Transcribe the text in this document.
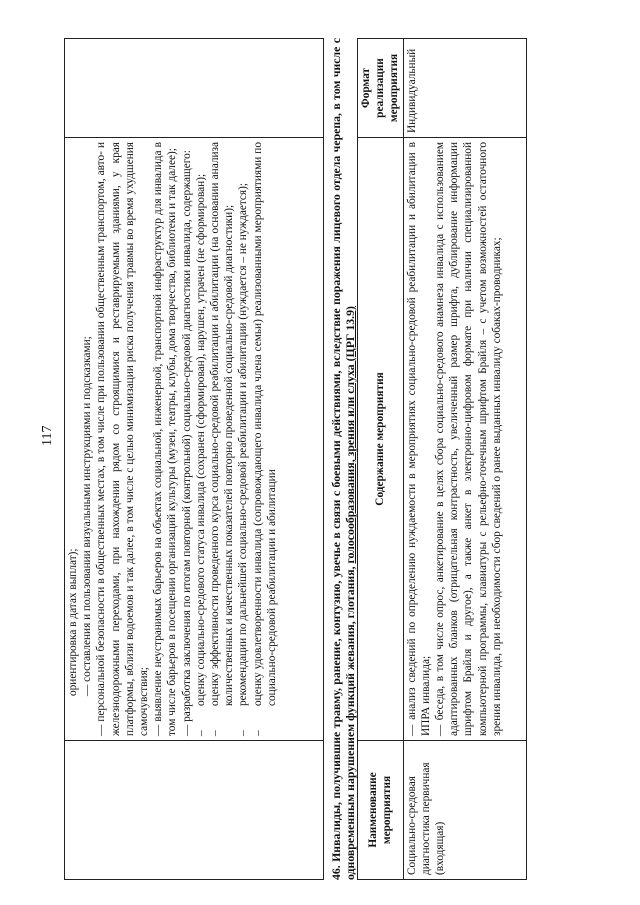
117

ориентировка в датах выплат); — составления и пользовании визуальными инструкциями и подсказками; — персональной безопасности в общественных местах, в том числе при пользовании общественным транспортом, авто- и железнодорожными переходами, при нахождении рядом со строящимися и реставрируемыми зданиями, у края платформы, вблизи водоемов и так далее, в том числе с целью минимизации риска получения травмы во время ухудшения самочувствия; — выявление неустранимых барьеров на объектах социальной, инженерной, транспортной инфраструктур для инвалида в том числе барьеров в посещении организаций культуры (музеи, театры, клубы, дома творчества, библиотеки и так далее); — разработка заключения по итогам повторной (контрольной) социально-средовой диагностики инвалида, содержащего: –
оценку социально-средового статуса инвалида (сохранен (сформирован), нарушен, утрачен (не сформирован);
–
оценку эффективности проведенного курса социально-средовой реабилитации и абилитации (на основании анализа количественных и качественных показателей повторно проведенной социально-средовой диагностики);
–
рекомендации по дальнейшей социально-средовой реабилитации и абилитации (нуждается – не нуждается);
–
оценку удовлетворенности инвалида (сопровождающего инвалида члена семьи) реализованными мероприятиями по социально-средовой реабилитации и абилитации
		46. Инвалиды, получившие травму, ранение, контузию, увечье в связи с боевыми действиями, вследствие поражения лицевого отдела черепа, в том числе с одновременным нарушением функций жевания, глотания, голосообразования, зрения или слуха (ЦРГ 13.9)

Наименование мероприятия	Содержание мероприятия	Формат реализации мероприятия
Социально-средовая диагностика первичная (входящая)	— анализ сведений по определению нуждаемости в мероприятиях социально-средовой реабилитации и абилитации в ИПРА инвалида; — беседа, в том числе опрос, анкетирование в целях сбора социально-средового анамнеза инвалида с использованием адаптированных бланков (отрицательная контрастность, увеличенный размер шрифта, дублирование информации шрифтом Брайля и другое), а также анкет в электронно-цифровом формате при наличии специализированной компьютерной программы, клавиатуры с рельефно-точечным шрифтом Брайля – с учетом возможностей остаточного зрения инвалида, при необходимости сбор сведений о ранее выданных инвалиду собаках-проводниках;	Индивидуальный
